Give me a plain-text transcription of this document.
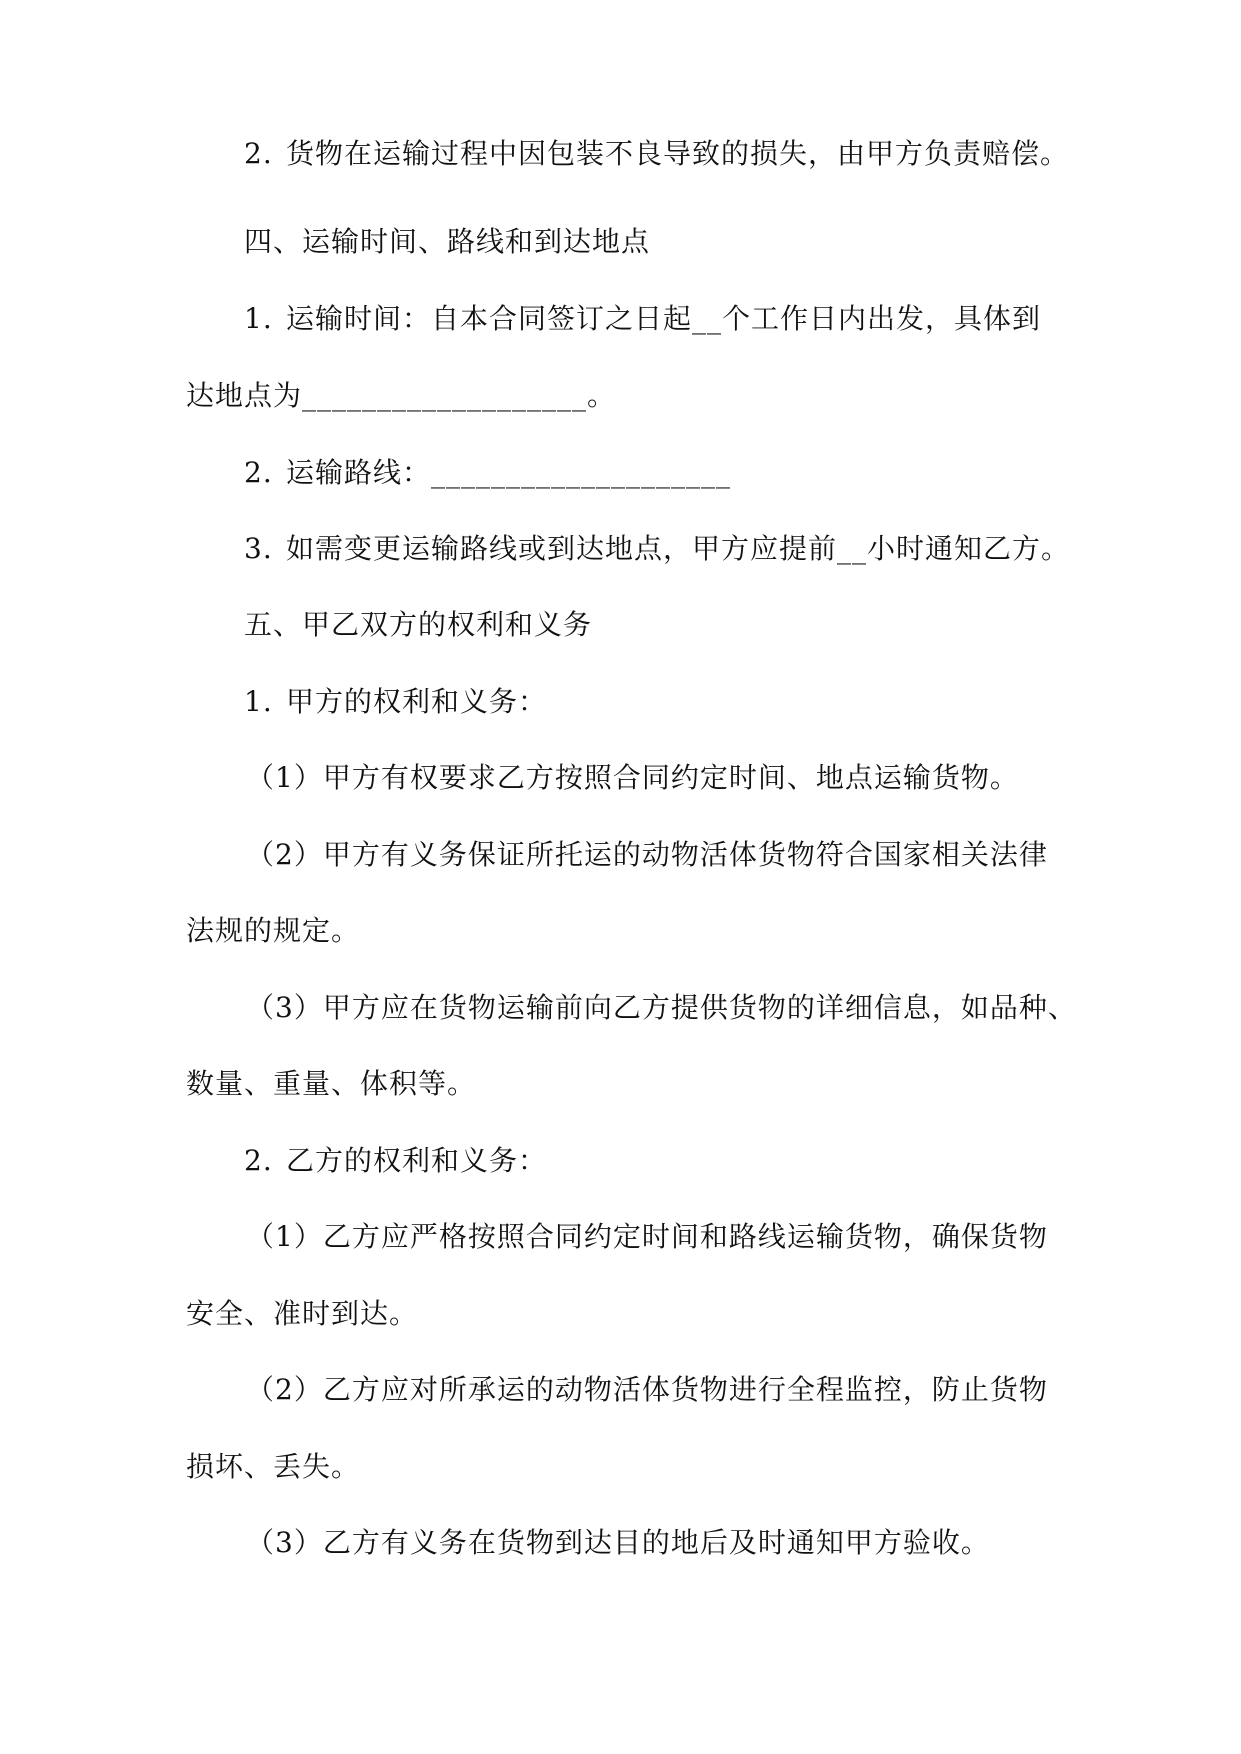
2. 货物在运输过程中因包装不良导致的损失，由甲方负责赔偿。
四、运输时间、路线和到达地点
1. 运输时间：自本合同签订之日起__个工作日内出发，具体到
达地点为___________________。
2. 运输路线：____________________
3. 如需变更运输路线或到达地点，甲方应提前__小时通知乙方。
五、甲乙双方的权利和义务
1. 甲方的权利和义务：
（1）甲方有权要求乙方按照合同约定时间、地点运输货物。
（2）甲方有义务保证所托运的动物活体货物符合国家相关法律
法规的规定。
（3）甲方应在货物运输前向乙方提供货物的详细信息，如品种、
数量、重量、体积等。
2. 乙方的权利和义务：
（1）乙方应严格按照合同约定时间和路线运输货物，确保货物
安全、准时到达。
（2）乙方应对所承运的动物活体货物进行全程监控，防止货物
损坏、丢失。
（3）乙方有义务在货物到达目的地后及时通知甲方验收。
